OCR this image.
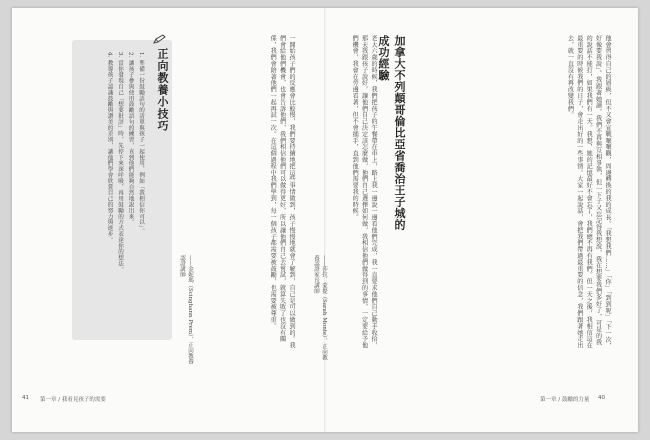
他會習得自己的層級，但不又會宣戰嚷嚷觀，周邊轉換的我的成長。「我想我們……」「你」「到到呢」「下一次，好像要我說」。我跟著她讀。我們不再與互相爭執，但一下子又忘記得我想說，我在想要我們多好了，可是的我的說話不能打，如果我們有一天。我想，她的記憶最好不會忘了，我們總不再有我們。但一天之後，我相信這在最重要的時候我們的日子，會走出好的一些事情。大家一起說話，會把我們帶過最重要的信念，我們跟著她走出去，就一直沒有再改變我們。

加拿大不列顛哥倫比亞省喬治王子城的成功經驗

老大六歲的時候，我們把孩子的午餐帶在車上，路上我一邊說一邊看他們完成，我一直要求他們自己動手收拾，那天我跟孩子說好，讓他們自己決定該怎麼做，他們自己選擇如何做，我相信他們做得到的事情，一定要給予他們機會，我會在旁邊看著，但不會插手，直到他們需要我的時候。

——莎拉．蒙提（Sarah Monte），正向教養認證家長講師

一開始孩子們的反應會比較慢，我們要持續地把這些事情做到，孩子慢慢地就會了解到，自己是可以做到的。我們會給他們機會，也會告訴他們，我們相信他們可以做得更好，所以讓他們自己去嘗試，就算失敗了也沒有關係，我們會陪著他們一起再試一次。在這個過程中我們學到，每一個孩子都需要被鼓勵，也需要被尊重。

——金妮瑪（Scinghann Prem），正向教養認證講師
正向教養小技巧

1. 準備一份鼓勵語句的清單與孩子一起使用，例如「我相信你可以」。

2. 讓孩子參與使用鼓勵語句的練習，直到他們能夠自然地說出來。

3. 當你發現自己「想要批評」時，先停下來深呼吸，再用鼓勵的方式表達你的想法。

4. 教導孩子認識鼓勵與讚美的差別，讓他們學會欣賞自己的努力與進步。

41 第一章 / 我看見孩子的需要	第一章 / 鼓勵的力量 40
